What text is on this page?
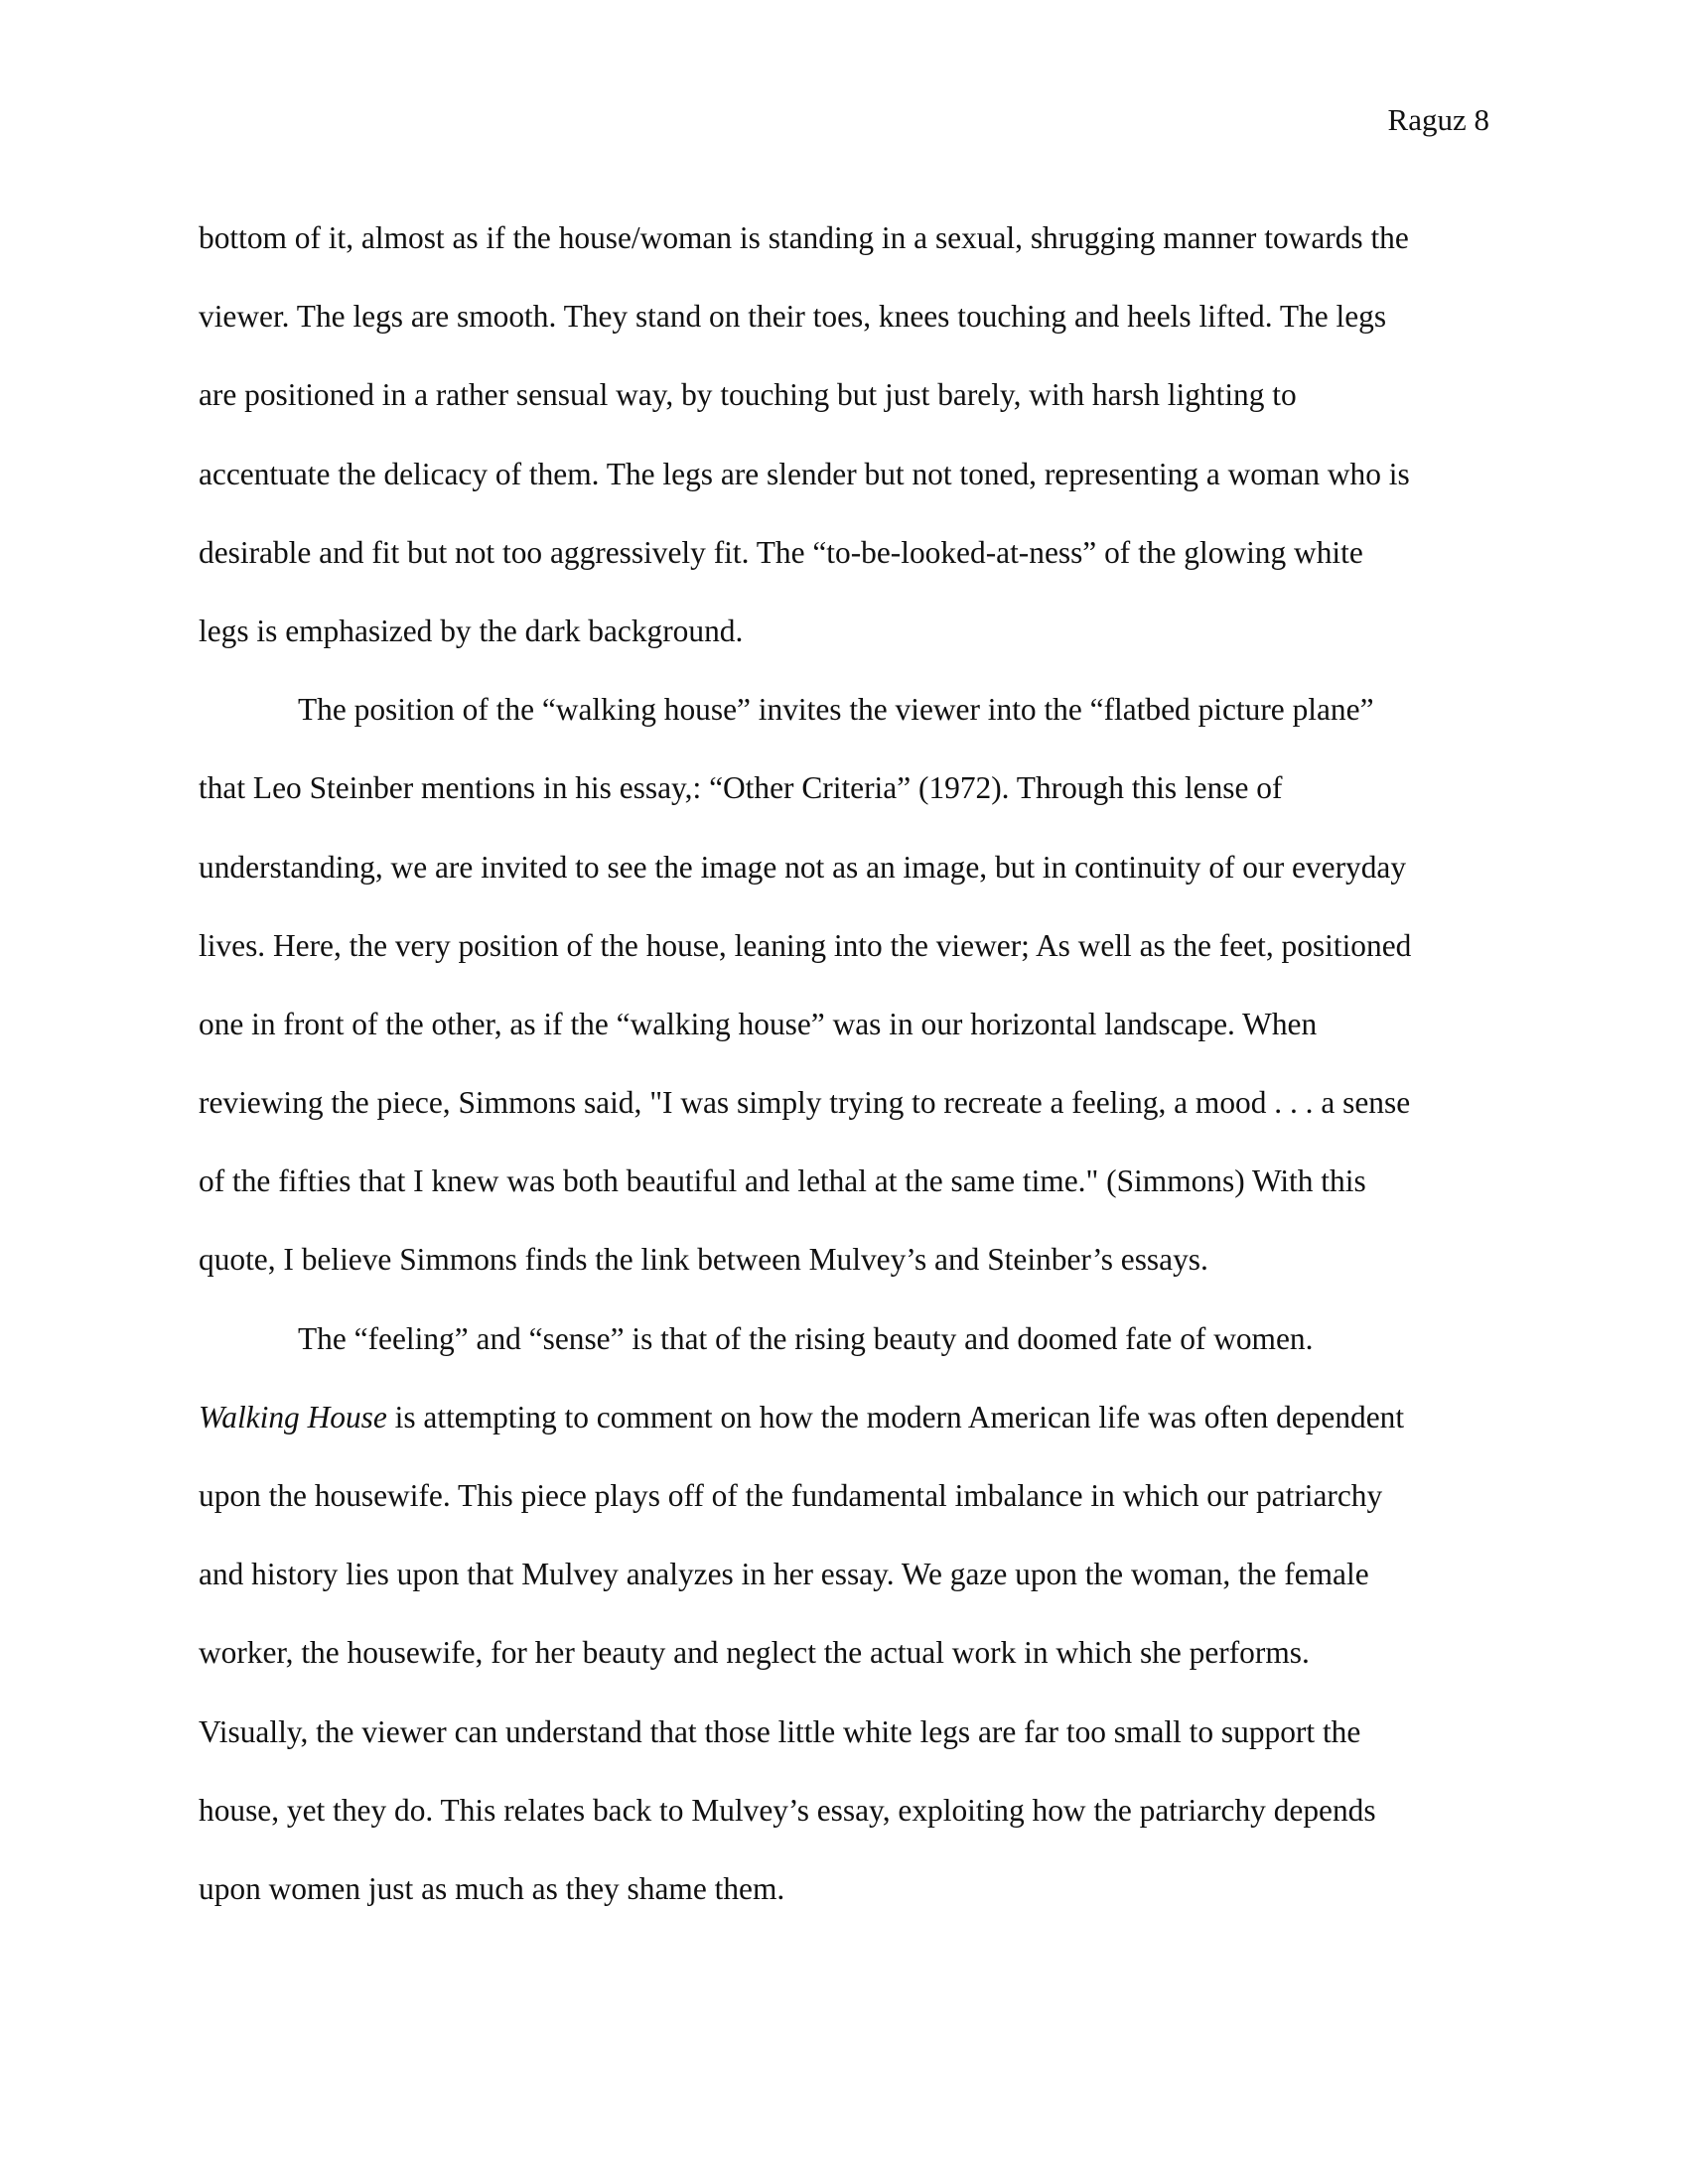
Raguz 8

bottom of it, almost as if the house/woman is standing in a sexual, shrugging manner towards the
viewer. The legs are smooth. They stand on their toes, knees touching and heels lifted. The legs
are positioned in a rather sensual way, by touching but just barely, with harsh lighting to
accentuate the delicacy of them. The legs are slender but not toned, representing a woman who is
desirable and fit but not too aggressively fit. The “to-be-looked-at-ness” of the glowing white
legs is emphasized by the dark background.

The position of the “walking house” invites the viewer into the “flatbed picture plane”
that Leo Steinber mentions in his essay,: “Other Criteria” (1972). Through this lense of
understanding, we are invited to see the image not as an image, but in continuity of our everyday
lives. Here, the very position of the house, leaning into the viewer; As well as the feet, positioned
one in front of the other, as if the “walking house” was in our horizontal landscape. When
reviewing the piece, Simmons said, "I was simply trying to recreate a feeling, a mood . . . a sense
of the fifties that I knew was both beautiful and lethal at the same time." (Simmons) With this
quote, I believe Simmons finds the link between Mulvey’s and Steinber’s essays.

The “feeling” and “sense” is that of the rising beauty and doomed fate of women.
Walking House is attempting to comment on how the modern American life was often dependent
upon the housewife. This piece plays off of the fundamental imbalance in which our patriarchy
and history lies upon that Mulvey analyzes in her essay. We gaze upon the woman, the female
worker, the housewife, for her beauty and neglect the actual work in which she performs.
Visually, the viewer can understand that those little white legs are far too small to support the
house, yet they do. This relates back to Mulvey’s essay, exploiting how the patriarchy depends
upon women just as much as they shame them.
